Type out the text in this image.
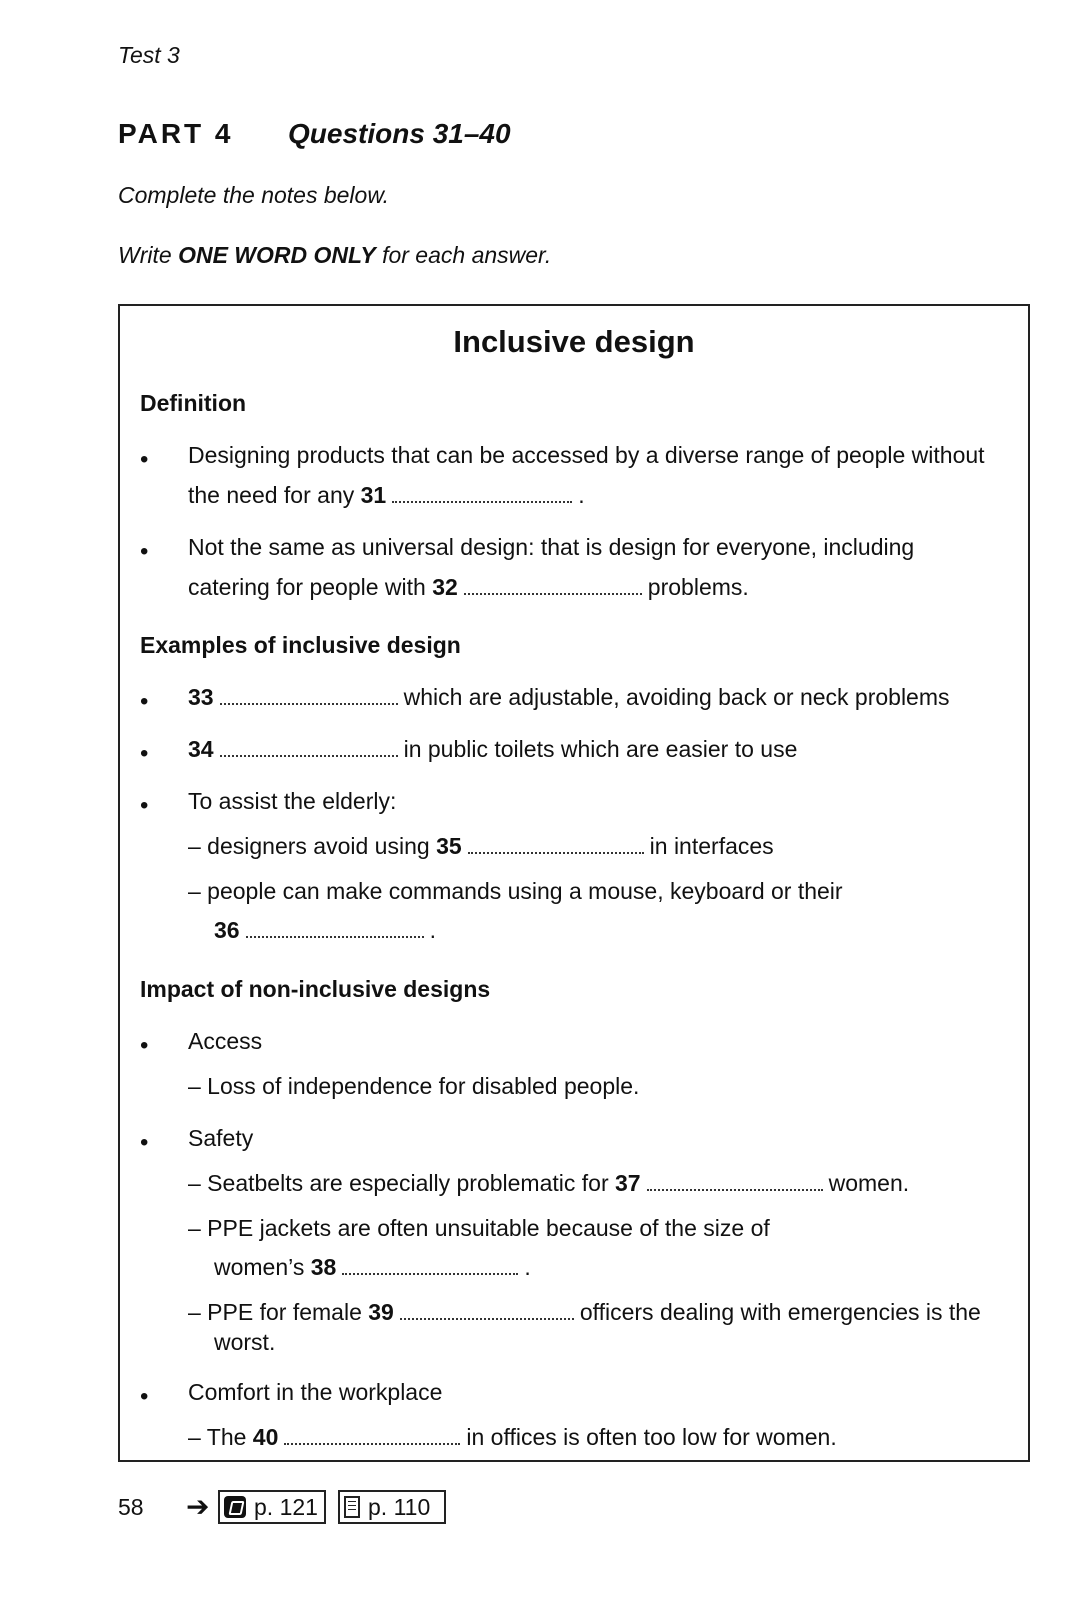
Test 3
PART 4 Questions 31–40
Complete the notes below.
Write ONE WORD ONLY for each answer.
Inclusive design
Definition
• Designing products that can be accessed by a diverse range of people without
the need for any 31	.
• Not the same as universal design: that is design for everyone, including
catering for people with 32	problems.
Examples of inclusive design
• 33	which are adjustable, avoiding back or neck problems
• 34	in public toilets which are easier to use
• To assist the elderly:
– designers avoid using 35	in interfaces
– people can make commands using a mouse, keyboard or their
36	.
Impact of non-inclusive designs
• Access
– Loss of independence for disabled people.
• Safety
– Seatbelts are especially problematic for 37	women.
– PPE jackets are often unsuitable because of the size of
women’s 38	.
– PPE for female 39	officers dealing with emergencies is the
worst.
• Comfort in the workplace
– The 40	in offices is often too low for women.
58 ➔ p. 121 p. 110
